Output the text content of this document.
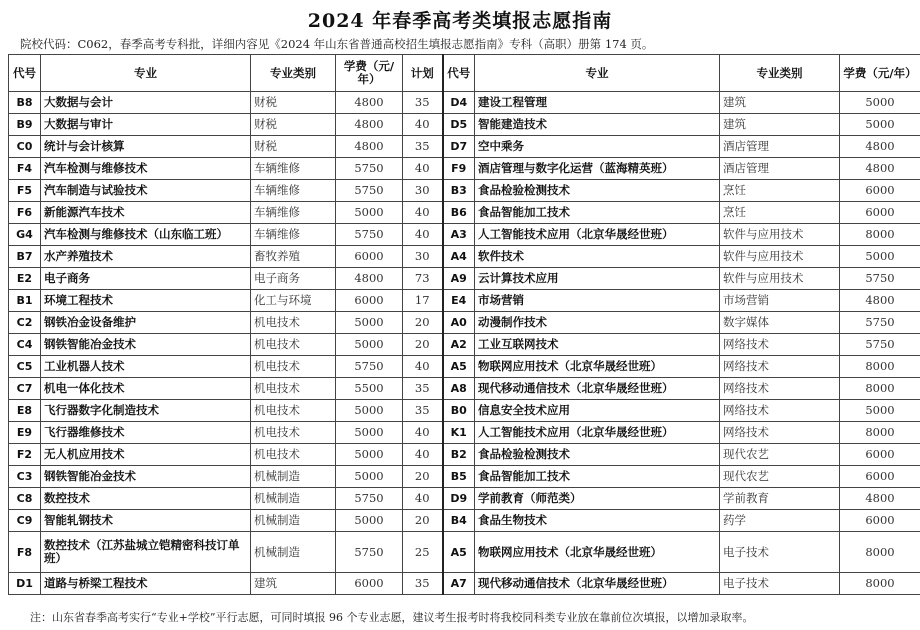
2024 年春季高考类填报志愿指南
院校代码：C062，春季高考专科批，详细内容见《2024 年山东省普通高校招生填报志愿指南》专科（高职）册第 174 页。
代号	专业	专业类别	学费（元/年）	计划	代号	专业	专业类别	学费（元/年）
B8	大数据与会计	财税	4800	35	D4	建设工程管理	建筑	5000
B9	大数据与审计	财税	4800	40	D5	智能建造技术	建筑	5000
C0	统计与会计核算	财税	4800	35	D7	空中乘务	酒店管理	4800
F4	汽车检测与维修技术	车辆维修	5750	40	F9	酒店管理与数字化运营（蓝海精英班）	酒店管理	4800
F5	汽车制造与试验技术	车辆维修	5750	30	B3	食品检验检测技术	烹饪	6000
F6	新能源汽车技术	车辆维修	5000	40	B6	食品智能加工技术	烹饪	6000
G4	汽车检测与维修技术（山东临工班）	车辆维修	5750	40	A3	人工智能技术应用（北京华晟经世班）	软件与应用技术	8000
B7	水产养殖技术	畜牧养殖	6000	30	A4	软件技术	软件与应用技术	5000
E2	电子商务	电子商务	4800	73	A9	云计算技术应用	软件与应用技术	5750
B1	环境工程技术	化工与环境	6000	17	E4	市场营销	市场营销	4800
C2	钢铁冶金设备维护	机电技术	5000	20	A0	动漫制作技术	数字媒体	5750
C4	钢铁智能冶金技术	机电技术	5000	20	A2	工业互联网技术	网络技术	5750
C5	工业机器人技术	机电技术	5750	40	A5	物联网应用技术（北京华晟经世班）	网络技术	8000
C7	机电一体化技术	机电技术	5500	35	A8	现代移动通信技术（北京华晟经世班）	网络技术	8000
E8	飞行器数字化制造技术	机电技术	5000	35	B0	信息安全技术应用	网络技术	5000
E9	飞行器维修技术	机电技术	5000	40	K1	人工智能技术应用（北京华晟经世班）	网络技术	8000
F2	无人机应用技术	机电技术	5000	40	B2	食品检验检测技术	现代农艺	6000
C3	钢铁智能冶金技术	机械制造	5000	20	B5	食品智能加工技术	现代农艺	6000
C8	数控技术	机械制造	5750	40	D9	学前教育（师范类）	学前教育	4800
C9	智能轧钢技术	机械制造	5000	20	B4	食品生物技术	药学	6000
F8	数控技术（江苏盐城立铠精密科技订单班）	机械制造	5750	25	A5	物联网应用技术（北京华晟经世班）	电子技术	8000
D1	道路与桥梁工程技术	建筑	6000	35	A7	现代移动通信技术（北京华晟经世班）	电子技术	8000
注：山东省春季高考实行“专业+学校”平行志愿，可同时填报 96 个专业志愿，建议考生报考时将我校同科类专业放在靠前位次填报，以增加录取率。
